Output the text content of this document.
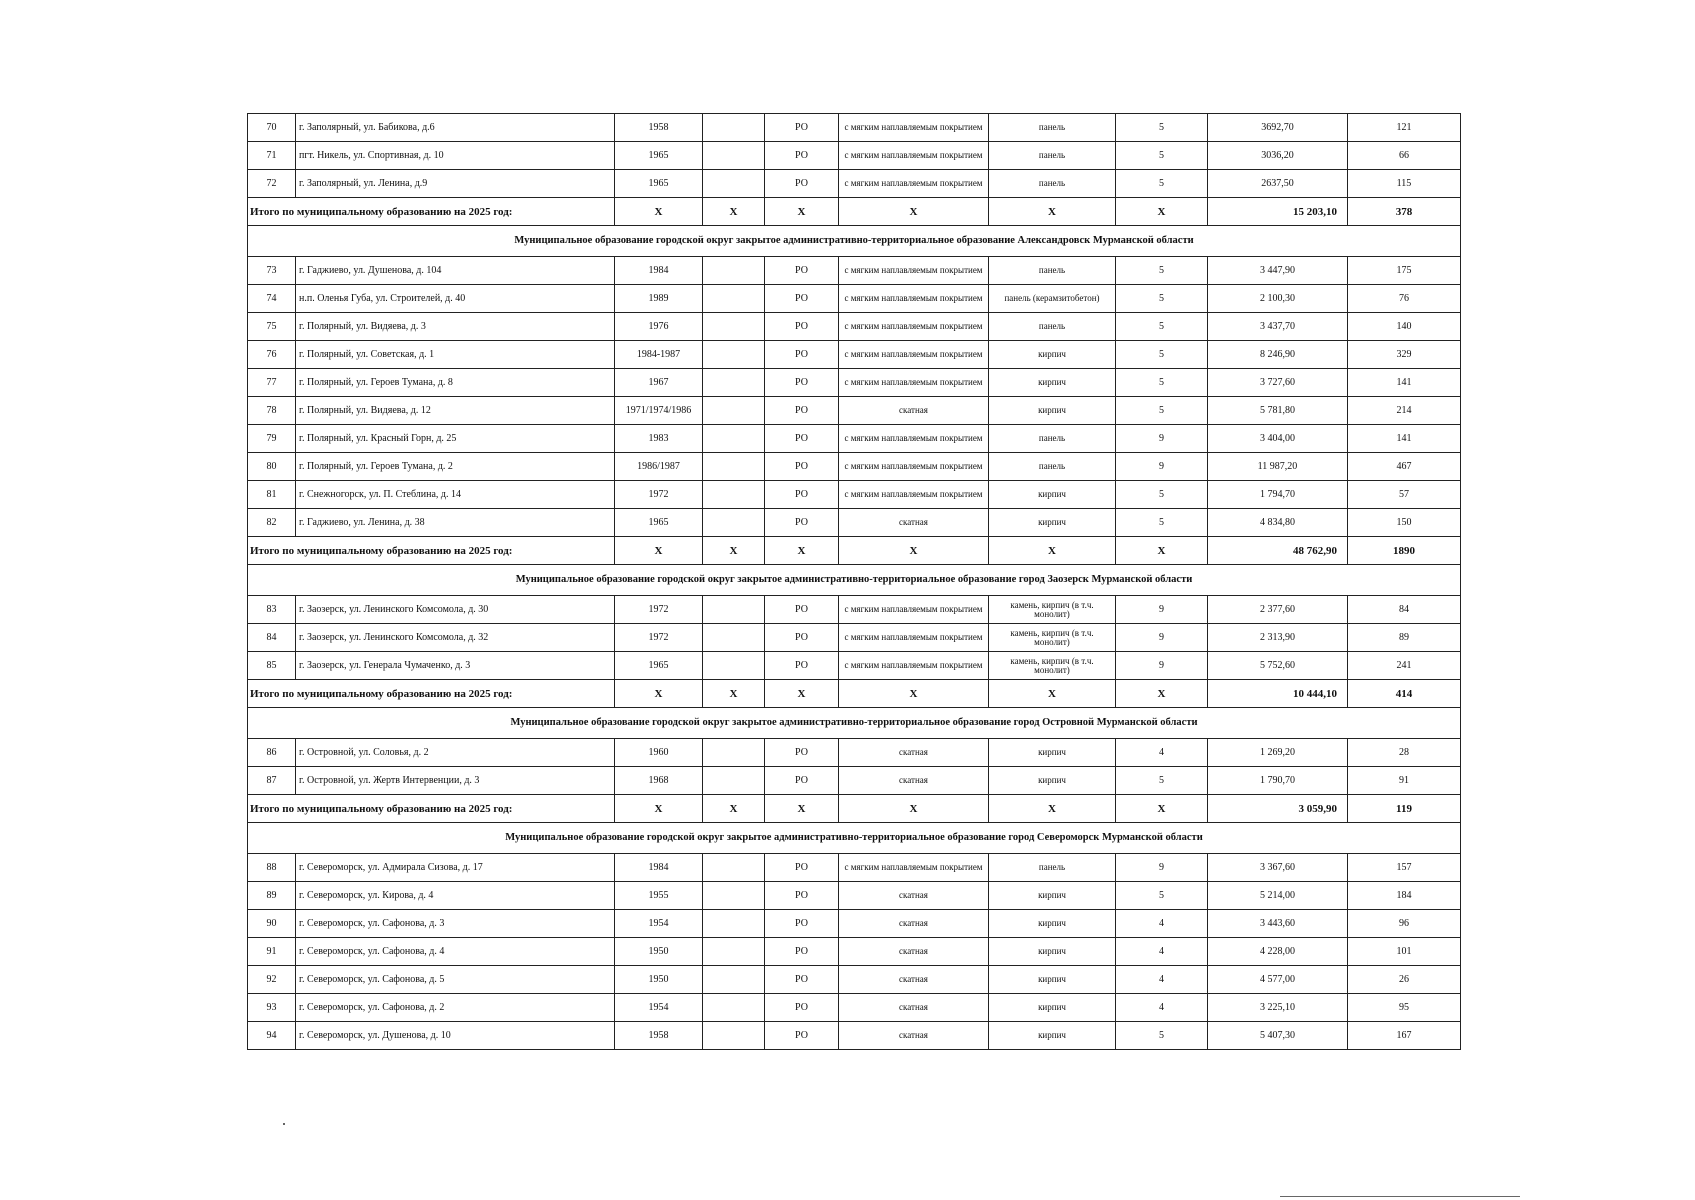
70	г. Заполярный, ул. Бабикова, д.6	1958		РО	с мягким наплавляемым покрытием	панель	5	3692,70	121
71	пгт. Никель, ул. Спортивная, д. 10	1965		РО	с мягким наплавляемым покрытием	панель	5	3036,20	66
72	г. Заполярный, ул. Ленина, д.9	1965		РО	с мягким наплавляемым покрытием	панель	5	2637,50	115
Итого по муниципальному образованию на 2025 год:		X	X	X	X	X	X	15 203,10	378
Муниципальное образование городской округ закрытое административно-территориальное образование Александровск Мурманской области									
73	г. Гаджиево, ул. Душенова, д. 104	1984		РО	с мягким наплавляемым покрытием	панель	5	3 447,90	175
74	н.п. Оленья Губа, ул. Строителей, д. 40	1989		РО	с мягким наплавляемым покрытием	панель (керамзитобетон)	5	2 100,30	76
75	г. Полярный, ул. Видяева, д. 3	1976		РО	с мягким наплавляемым покрытием	панель	5	3 437,70	140
76	г. Полярный, ул. Советская, д. 1	1984-1987		РО	с мягким наплавляемым покрытием	кирпич	5	8 246,90	329
77	г. Полярный, ул. Героев Тумана, д. 8	1967		РО	с мягким наплавляемым покрытием	кирпич	5	3 727,60	141
78	г. Полярный, ул. Видяева, д. 12	1971/1974/1986		РО	скатная	кирпич	5	5 781,80	214
79	г. Полярный, ул. Красный Горн, д. 25	1983		РО	с мягким наплавляемым покрытием	панель	9	3 404,00	141
80	г. Полярный, ул. Героев Тумана, д. 2	1986/1987		РО	с мягким наплавляемым покрытием	панель	9	11 987,20	467
81	г. Снежногорск, ул. П. Стеблина, д. 14	1972		РО	с мягким наплавляемым покрытием	кирпич	5	1 794,70	57
82	г. Гаджиево, ул. Ленина, д. 38	1965		РО	скатная	кирпич	5	4 834,80	150
Итого по муниципальному образованию на 2025 год:		X	X	X	X	X	X	48 762,90	1890
Муниципальное образование городской округ закрытое административно-территориальное образование город Заозерск Мурманской области									
83	г. Заозерск, ул. Ленинского Комсомола, д. 30	1972		РО	с мягким наплавляемым покрытием	камень, кирпич (в т.ч. монолит)	9	2 377,60	84
84	г. Заозерск, ул. Ленинского Комсомола, д. 32	1972		РО	с мягким наплавляемым покрытием	камень, кирпич (в т.ч. монолит)	9	2 313,90	89
85	г. Заозерск, ул. Генерала Чумаченко, д. 3	1965		РО	с мягким наплавляемым покрытием	камень, кирпич (в т.ч. монолит)	9	5 752,60	241
Итого по муниципальному образованию на 2025 год:		X	X	X	X	X	X	10 444,10	414
Муниципальное образование городской округ закрытое административно-территориальное образование город Островной Мурманской области									
86	г. Островной, ул. Соловья, д. 2	1960		РО	скатная	кирпич	4	1 269,20	28
87	г. Островной, ул. Жертв Интервенции, д. 3	1968		РО	скатная	кирпич	5	1 790,70	91
Итого по муниципальному образованию на 2025 год:		X	X	X	X	X	X	3 059,90	119
Муниципальное образование городской округ закрытое административно-территориальное образование город Североморск Мурманской области									
88	г. Североморск, ул. Адмирала Сизова, д. 17	1984		РО	с мягким наплавляемым покрытием	панель	9	3 367,60	157
89	г. Североморск, ул. Кирова, д. 4	1955		РО	скатная	кирпич	5	5 214,00	184
90	г. Североморск, ул. Сафонова, д. 3	1954		РО	скатная	кирпич	4	3 443,60	96
91	г. Североморск, ул. Сафонова, д. 4	1950		РО	скатная	кирпич	4	4 228,00	101
92	г. Североморск, ул. Сафонова, д. 5	1950		РО	скатная	кирпич	4	4 577,00	26
93	г. Североморск, ул. Сафонова, д. 2	1954		РО	скатная	кирпич	4	3 225,10	95
94	г. Североморск, ул. Душенова, д. 10	1958		РО	скатная	кирпич	5	5 407,30	167
